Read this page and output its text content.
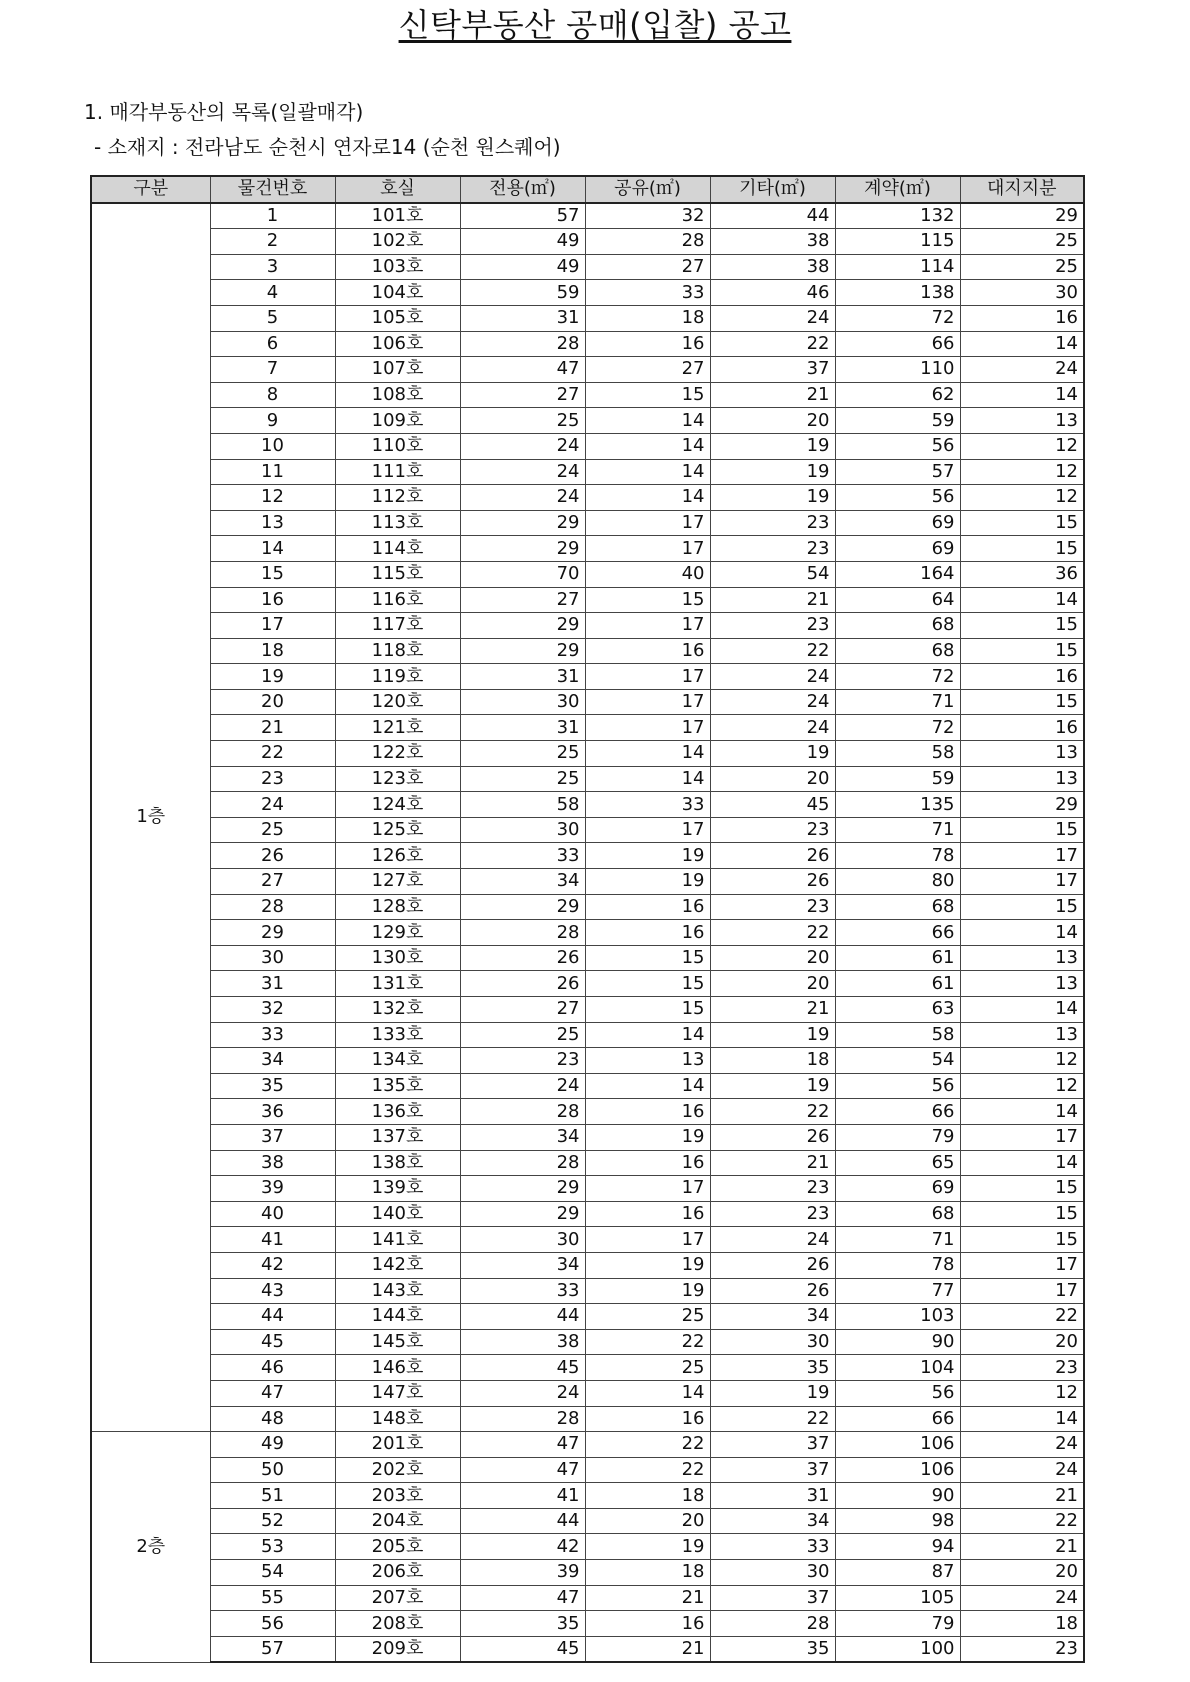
신탁부동산 공매(입찰) 공고
1. 매각부동산의 목록(일괄매각)
- 소재지 : 전라남도 순천시 연자로14 (순천 원스퀘어)
구분	물건번호	호실	전용(㎡)	공유(㎡)	기타(㎡)	계약(㎡)	대지지분
1층	1	101호	57	32	44	132	29
	2	102호	49	28	38	115	25
	3	103호	49	27	38	114	25
	4	104호	59	33	46	138	30
	5	105호	31	18	24	72	16
	6	106호	28	16	22	66	14
	7	107호	47	27	37	110	24
	8	108호	27	15	21	62	14
	9	109호	25	14	20	59	13
	10	110호	24	14	19	56	12
	11	111호	24	14	19	57	12
	12	112호	24	14	19	56	12
	13	113호	29	17	23	69	15
	14	114호	29	17	23	69	15
	15	115호	70	40	54	164	36
	16	116호	27	15	21	64	14
	17	117호	29	17	23	68	15
	18	118호	29	16	22	68	15
	19	119호	31	17	24	72	16
	20	120호	30	17	24	71	15
	21	121호	31	17	24	72	16
	22	122호	25	14	19	58	13
	23	123호	25	14	20	59	13
	24	124호	58	33	45	135	29
	25	125호	30	17	23	71	15
	26	126호	33	19	26	78	17
	27	127호	34	19	26	80	17
	28	128호	29	16	23	68	15
	29	129호	28	16	22	66	14
	30	130호	26	15	20	61	13
	31	131호	26	15	20	61	13
	32	132호	27	15	21	63	14
	33	133호	25	14	19	58	13
	34	134호	23	13	18	54	12
	35	135호	24	14	19	56	12
	36	136호	28	16	22	66	14
	37	137호	34	19	26	79	17
	38	138호	28	16	21	65	14
	39	139호	29	17	23	69	15
	40	140호	29	16	23	68	15
	41	141호	30	17	24	71	15
	42	142호	34	19	26	78	17
	43	143호	33	19	26	77	17
	44	144호	44	25	34	103	22
	45	145호	38	22	30	90	20
	46	146호	45	25	35	104	23
	47	147호	24	14	19	56	12
	48	148호	28	16	22	66	14
2층	49	201호	47	22	37	106	24
	50	202호	47	22	37	106	24
	51	203호	41	18	31	90	21
	52	204호	44	20	34	98	22
	53	205호	42	19	33	94	21
	54	206호	39	18	30	87	20
	55	207호	47	21	37	105	24
	56	208호	35	16	28	79	18
	57	209호	45	21	35	100	23
